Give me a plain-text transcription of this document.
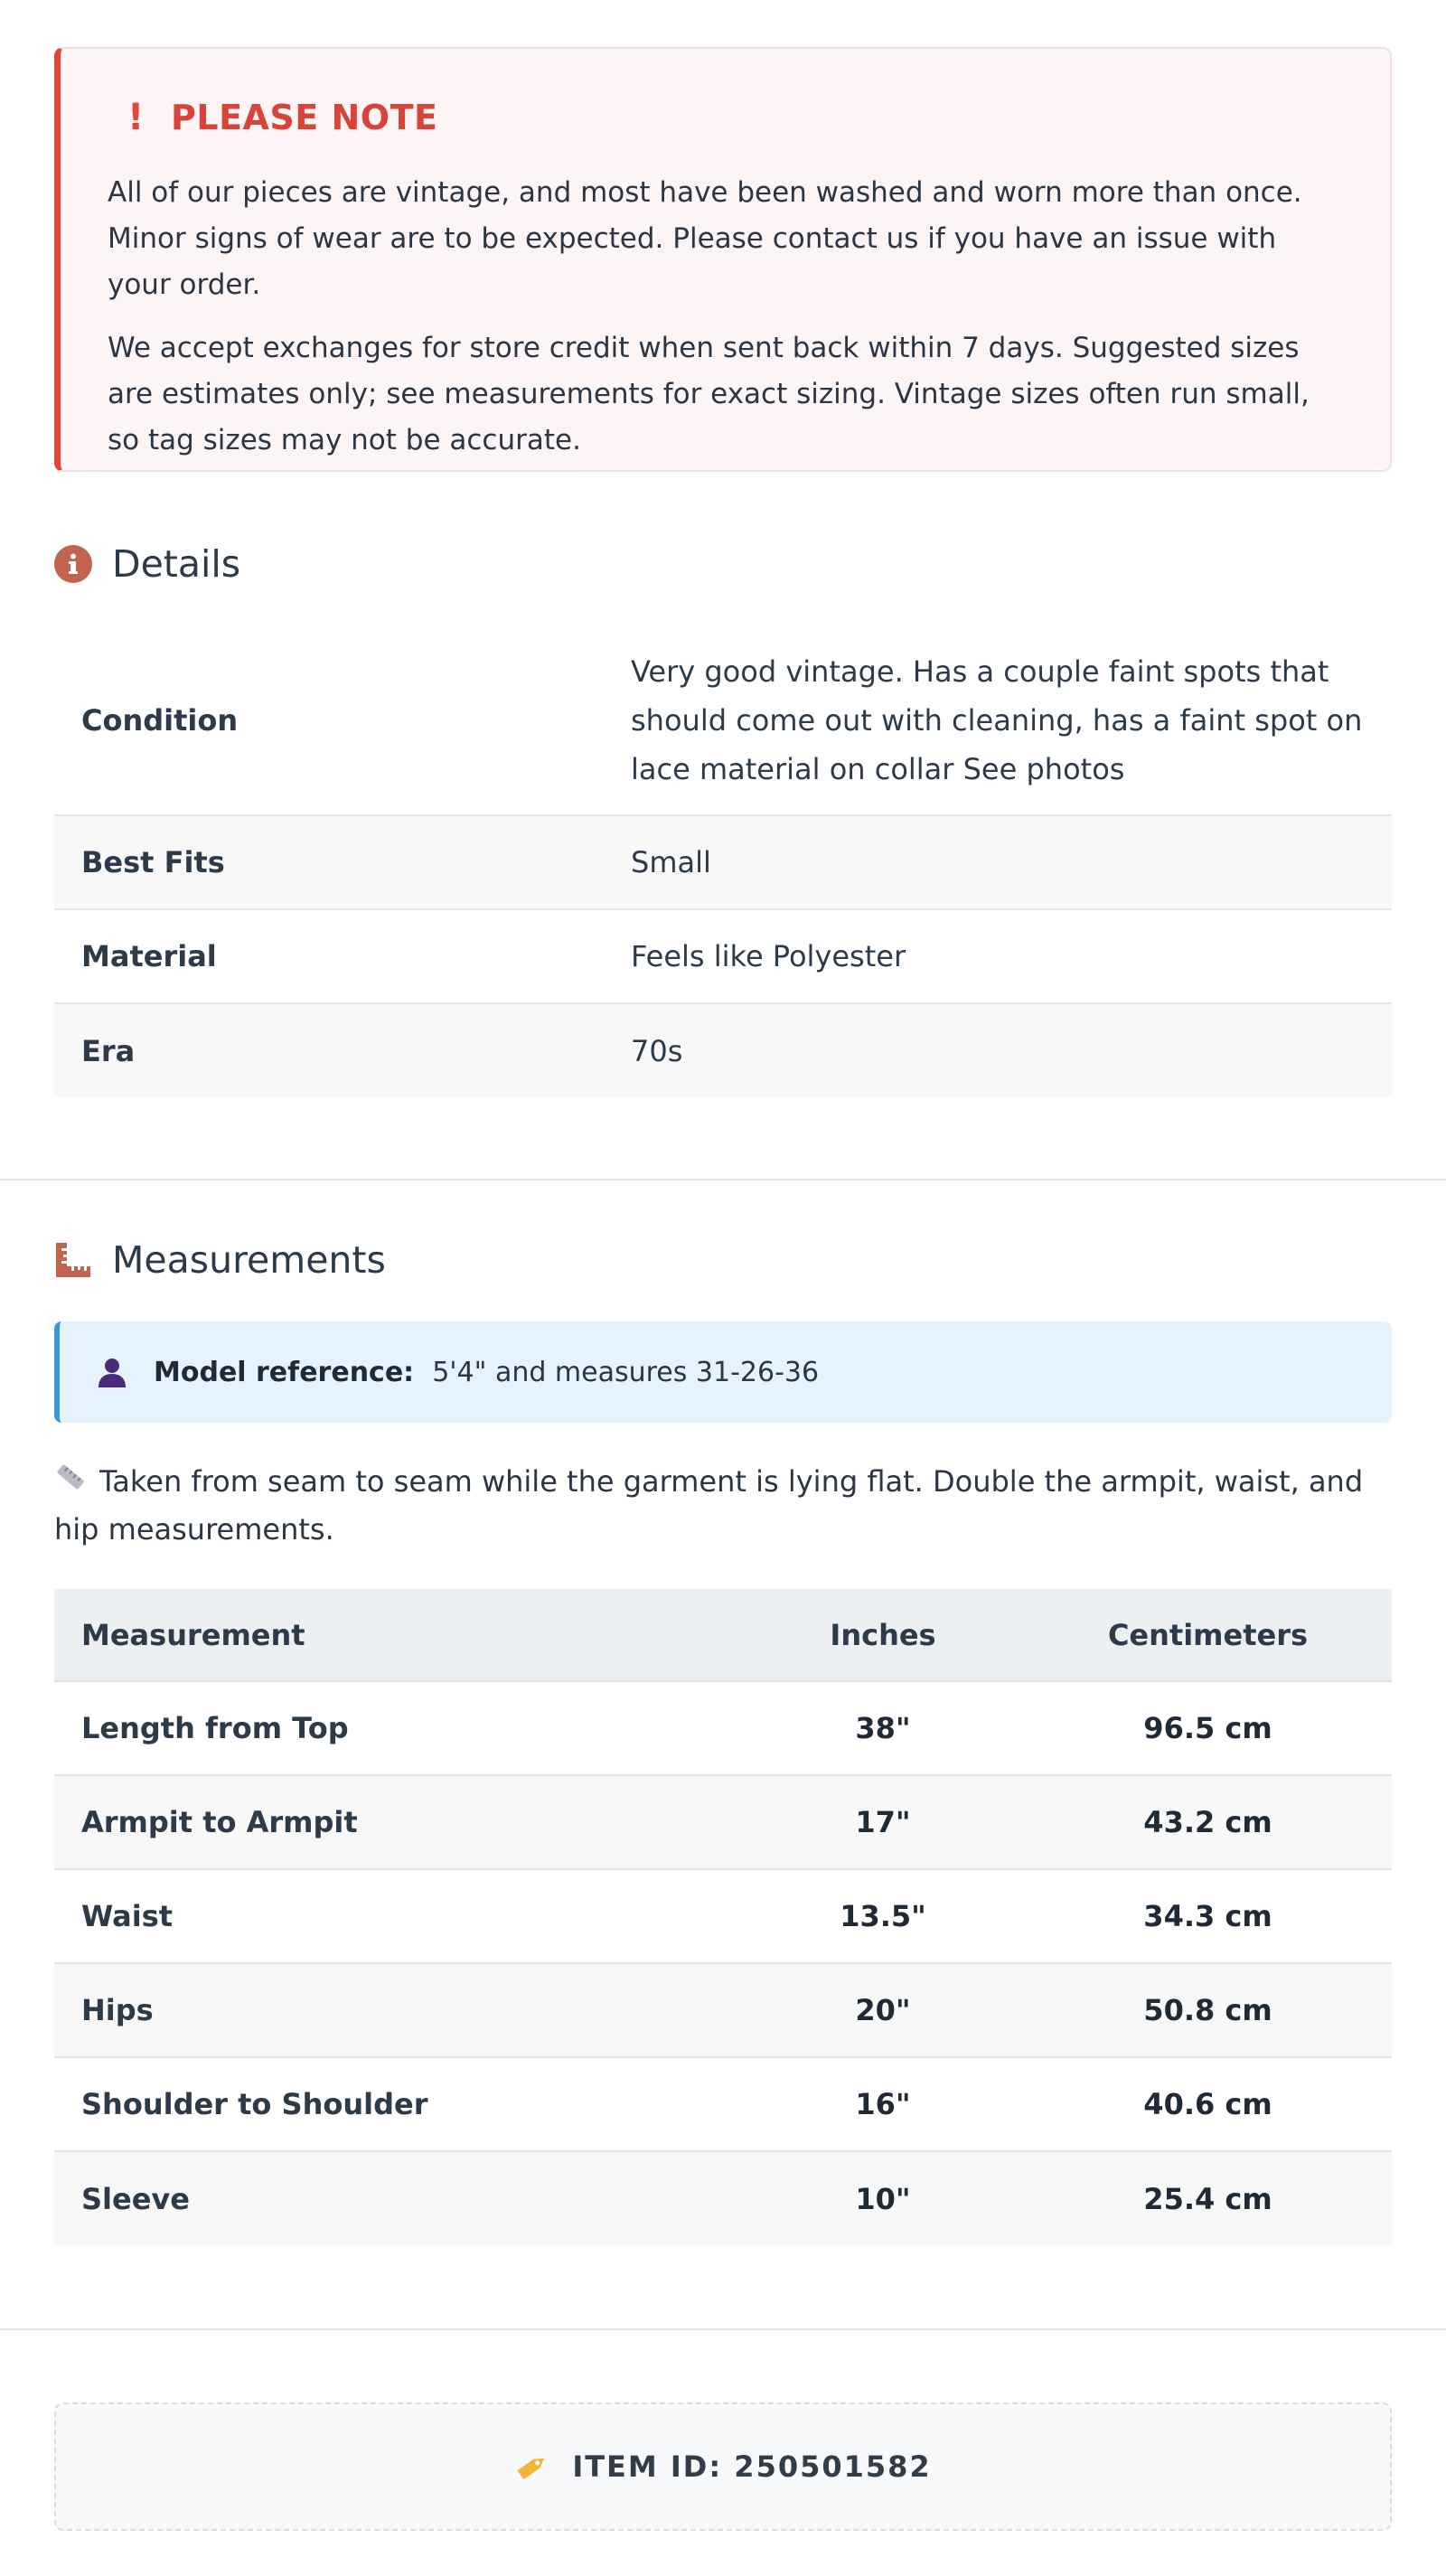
! PLEASE NOTE

All of our pieces are vintage, and most have been washed and worn more than once. Minor signs of wear are to be expected. Please contact us if you have an issue with your order.

We accept exchanges for store credit when sent back within 7 days. Suggested sizes are estimates only; see measurements for exact sizing. Vintage sizes often run small, so tag sizes may not be accurate.

Details
Condition	Very good vintage. Has a couple faint spots that should come out with cleaning, has a faint spot on lace material on collar See photos
Best Fits	Small
Material	Feels like Polyester
Era	70s
Measurements
Model reference: 5'4" and measures 31-26-36
Taken from seam to seam while the garment is lying flat. Double the armpit, waist, and hip measurements.
Measurement	Inches	Centimeters
Length from Top	38"	96.5 cm
Armpit to Armpit	17"	43.2 cm
Waist	13.5"	34.3 cm
Hips	20"	50.8 cm
Shoulder to Shoulder	16"	40.6 cm
Sleeve	10"	25.4 cm
ITEM ID: 250501582
